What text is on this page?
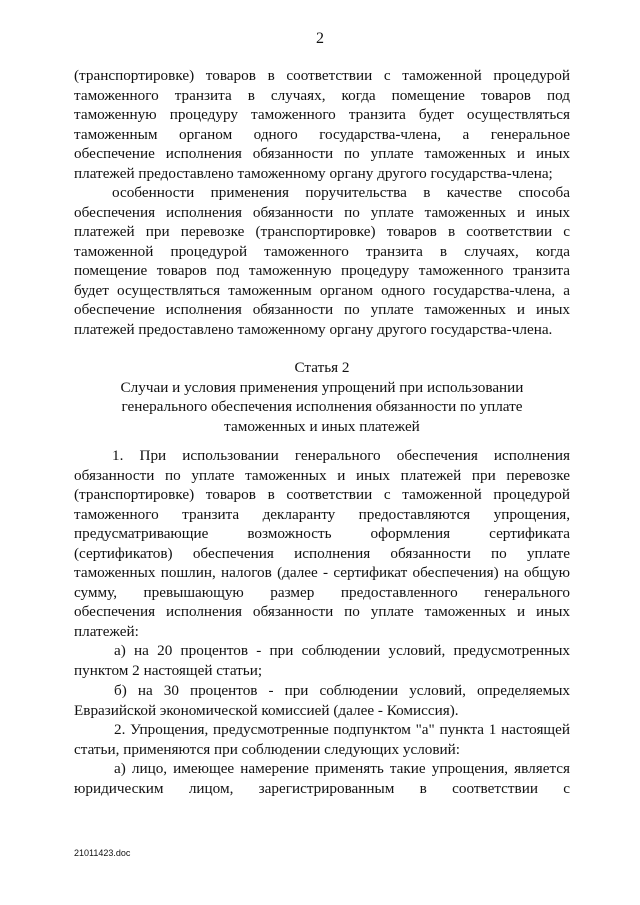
2
(транспортировке) товаров в соответствии с таможенной процедурой
таможенного транзита в случаях, когда помещение товаров под
таможенную процедуру таможенного транзита будет осуществляться
таможенным органом одного государства-члена, а генеральное
обеспечение исполнения обязанности по уплате таможенных и иных
платежей предоставлено таможенному органу другого государства-члена;
особенности применения поручительства в качестве способа
обеспечения исполнения обязанности по уплате таможенных и иных
платежей при перевозке (транспортировке) товаров в соответствии с
таможенной процедурой таможенного транзита в случаях, когда
помещение товаров под таможенную процедуру таможенного транзита
будет осуществляться таможенным органом одного государства-члена, а
обеспечение исполнения обязанности по уплате таможенных и иных
платежей предоставлено таможенному органу другого государства-члена.
Статья 2
Случаи и условия применения упрощений при использовании
генерального обеспечения исполнения обязанности по уплате
таможенных и иных платежей
1. При использовании генерального обеспечения исполнения
обязанности по уплате таможенных и иных платежей при перевозке
(транспортировке) товаров в соответствии с таможенной процедурой
таможенного транзита декларанту предоставляются упрощения,
предусматривающие возможность оформления сертификата
(сертификатов) обеспечения исполнения обязанности по уплате
таможенных пошлин, налогов (далее - сертификат обеспечения) на общую
сумму, превышающую размер предоставленного генерального
обеспечения исполнения обязанности по уплате таможенных и иных
платежей:
а) на 20 процентов - при соблюдении условий, предусмотренных
пунктом 2 настоящей статьи;
б) на 30 процентов - при соблюдении условий, определяемых
Евразийской экономической комиссией (далее - Комиссия).
2. Упрощения, предусмотренные подпунктом "а" пункта 1 настоящей
статьи, применяются при соблюдении следующих условий:
а) лицо, имеющее намерение применять такие упрощения, является
юридическим лицом, зарегистрированным в соответствии с
21011423.doc
